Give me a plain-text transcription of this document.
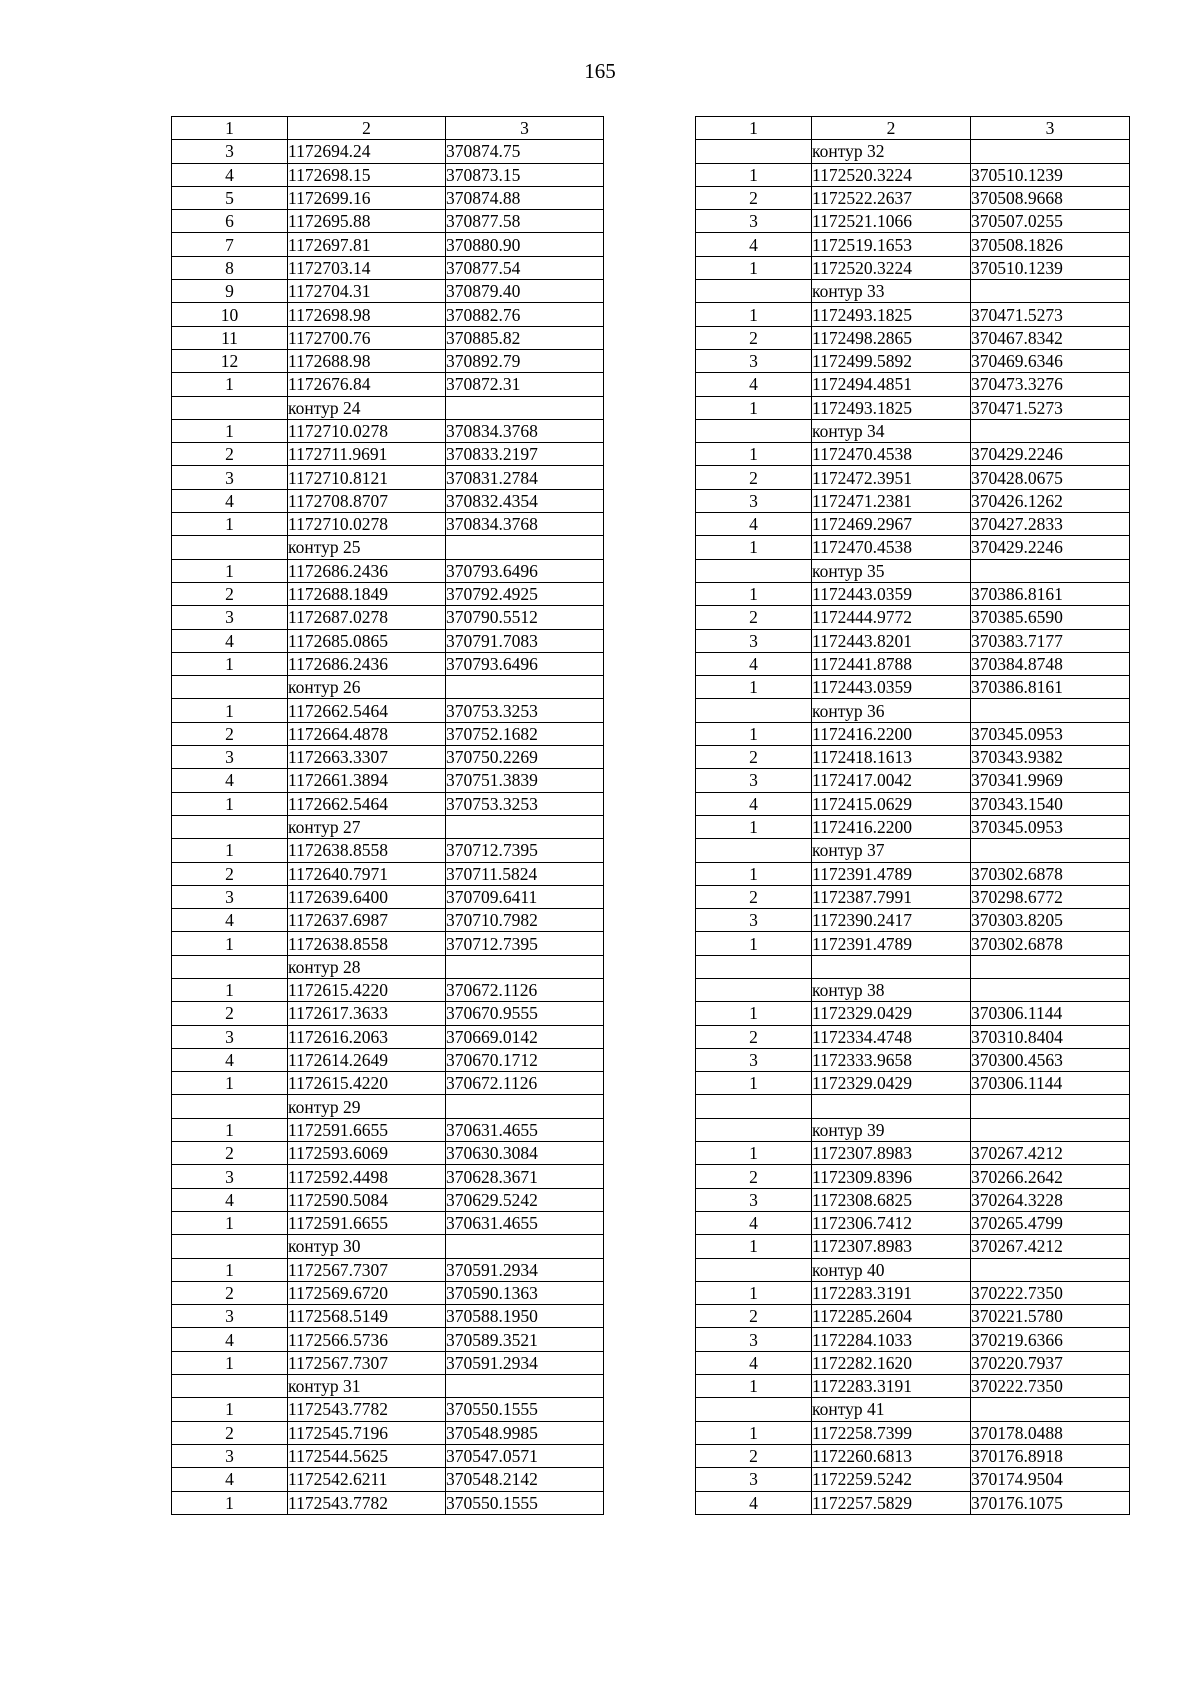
165
1	2	3
3	1172694.24	370874.75
4	1172698.15	370873.15
5	1172699.16	370874.88
6	1172695.88	370877.58
7	1172697.81	370880.90
8	1172703.14	370877.54
9	1172704.31	370879.40
10	1172698.98	370882.76
11	1172700.76	370885.82
12	1172688.98	370892.79
1	1172676.84	370872.31
	контур 24	
1	1172710.0278	370834.3768
2	1172711.9691	370833.2197
3	1172710.8121	370831.2784
4	1172708.8707	370832.4354
1	1172710.0278	370834.3768
	контур 25	
1	1172686.2436	370793.6496
2	1172688.1849	370792.4925
3	1172687.0278	370790.5512
4	1172685.0865	370791.7083
1	1172686.2436	370793.6496
	контур 26	
1	1172662.5464	370753.3253
2	1172664.4878	370752.1682
3	1172663.3307	370750.2269
4	1172661.3894	370751.3839
1	1172662.5464	370753.3253
	контур 27	
1	1172638.8558	370712.7395
2	1172640.7971	370711.5824
3	1172639.6400	370709.6411
4	1172637.6987	370710.7982
1	1172638.8558	370712.7395
	контур 28	
1	1172615.4220	370672.1126
2	1172617.3633	370670.9555
3	1172616.2063	370669.0142
4	1172614.2649	370670.1712
1	1172615.4220	370672.1126
	контур 29	
1	1172591.6655	370631.4655
2	1172593.6069	370630.3084
3	1172592.4498	370628.3671
4	1172590.5084	370629.5242
1	1172591.6655	370631.4655
	контур 30	
1	1172567.7307	370591.2934
2	1172569.6720	370590.1363
3	1172568.5149	370588.1950
4	1172566.5736	370589.3521
1	1172567.7307	370591.2934
	контур 31	
1	1172543.7782	370550.1555
2	1172545.7196	370548.9985
3	1172544.5625	370547.0571
4	1172542.6211	370548.2142
1	1172543.7782	370550.1555
1	2	3
	контур 32	
1	1172520.3224	370510.1239
2	1172522.2637	370508.9668
3	1172521.1066	370507.0255
4	1172519.1653	370508.1826
1	1172520.3224	370510.1239
	контур 33	
1	1172493.1825	370471.5273
2	1172498.2865	370467.8342
3	1172499.5892	370469.6346
4	1172494.4851	370473.3276
1	1172493.1825	370471.5273
	контур 34	
1	1172470.4538	370429.2246
2	1172472.3951	370428.0675
3	1172471.2381	370426.1262
4	1172469.2967	370427.2833
1	1172470.4538	370429.2246
	контур 35	
1	1172443.0359	370386.8161
2	1172444.9772	370385.6590
3	1172443.8201	370383.7177
4	1172441.8788	370384.8748
1	1172443.0359	370386.8161
	контур 36	
1	1172416.2200	370345.0953
2	1172418.1613	370343.9382
3	1172417.0042	370341.9969
4	1172415.0629	370343.1540
1	1172416.2200	370345.0953
	контур 37	
1	1172391.4789	370302.6878
2	1172387.7991	370298.6772
3	1172390.2417	370303.8205
1	1172391.4789	370302.6878

	контур 38	
1	1172329.0429	370306.1144
2	1172334.4748	370310.8404
3	1172333.9658	370300.4563
1	1172329.0429	370306.1144

	контур 39	
1	1172307.8983	370267.4212
2	1172309.8396	370266.2642
3	1172308.6825	370264.3228
4	1172306.7412	370265.4799
1	1172307.8983	370267.4212
	контур 40	
1	1172283.3191	370222.7350
2	1172285.2604	370221.5780
3	1172284.1033	370219.6366
4	1172282.1620	370220.7937
1	1172283.3191	370222.7350
	контур 41	
1	1172258.7399	370178.0488
2	1172260.6813	370176.8918
3	1172259.5242	370174.9504
4	1172257.5829	370176.1075
